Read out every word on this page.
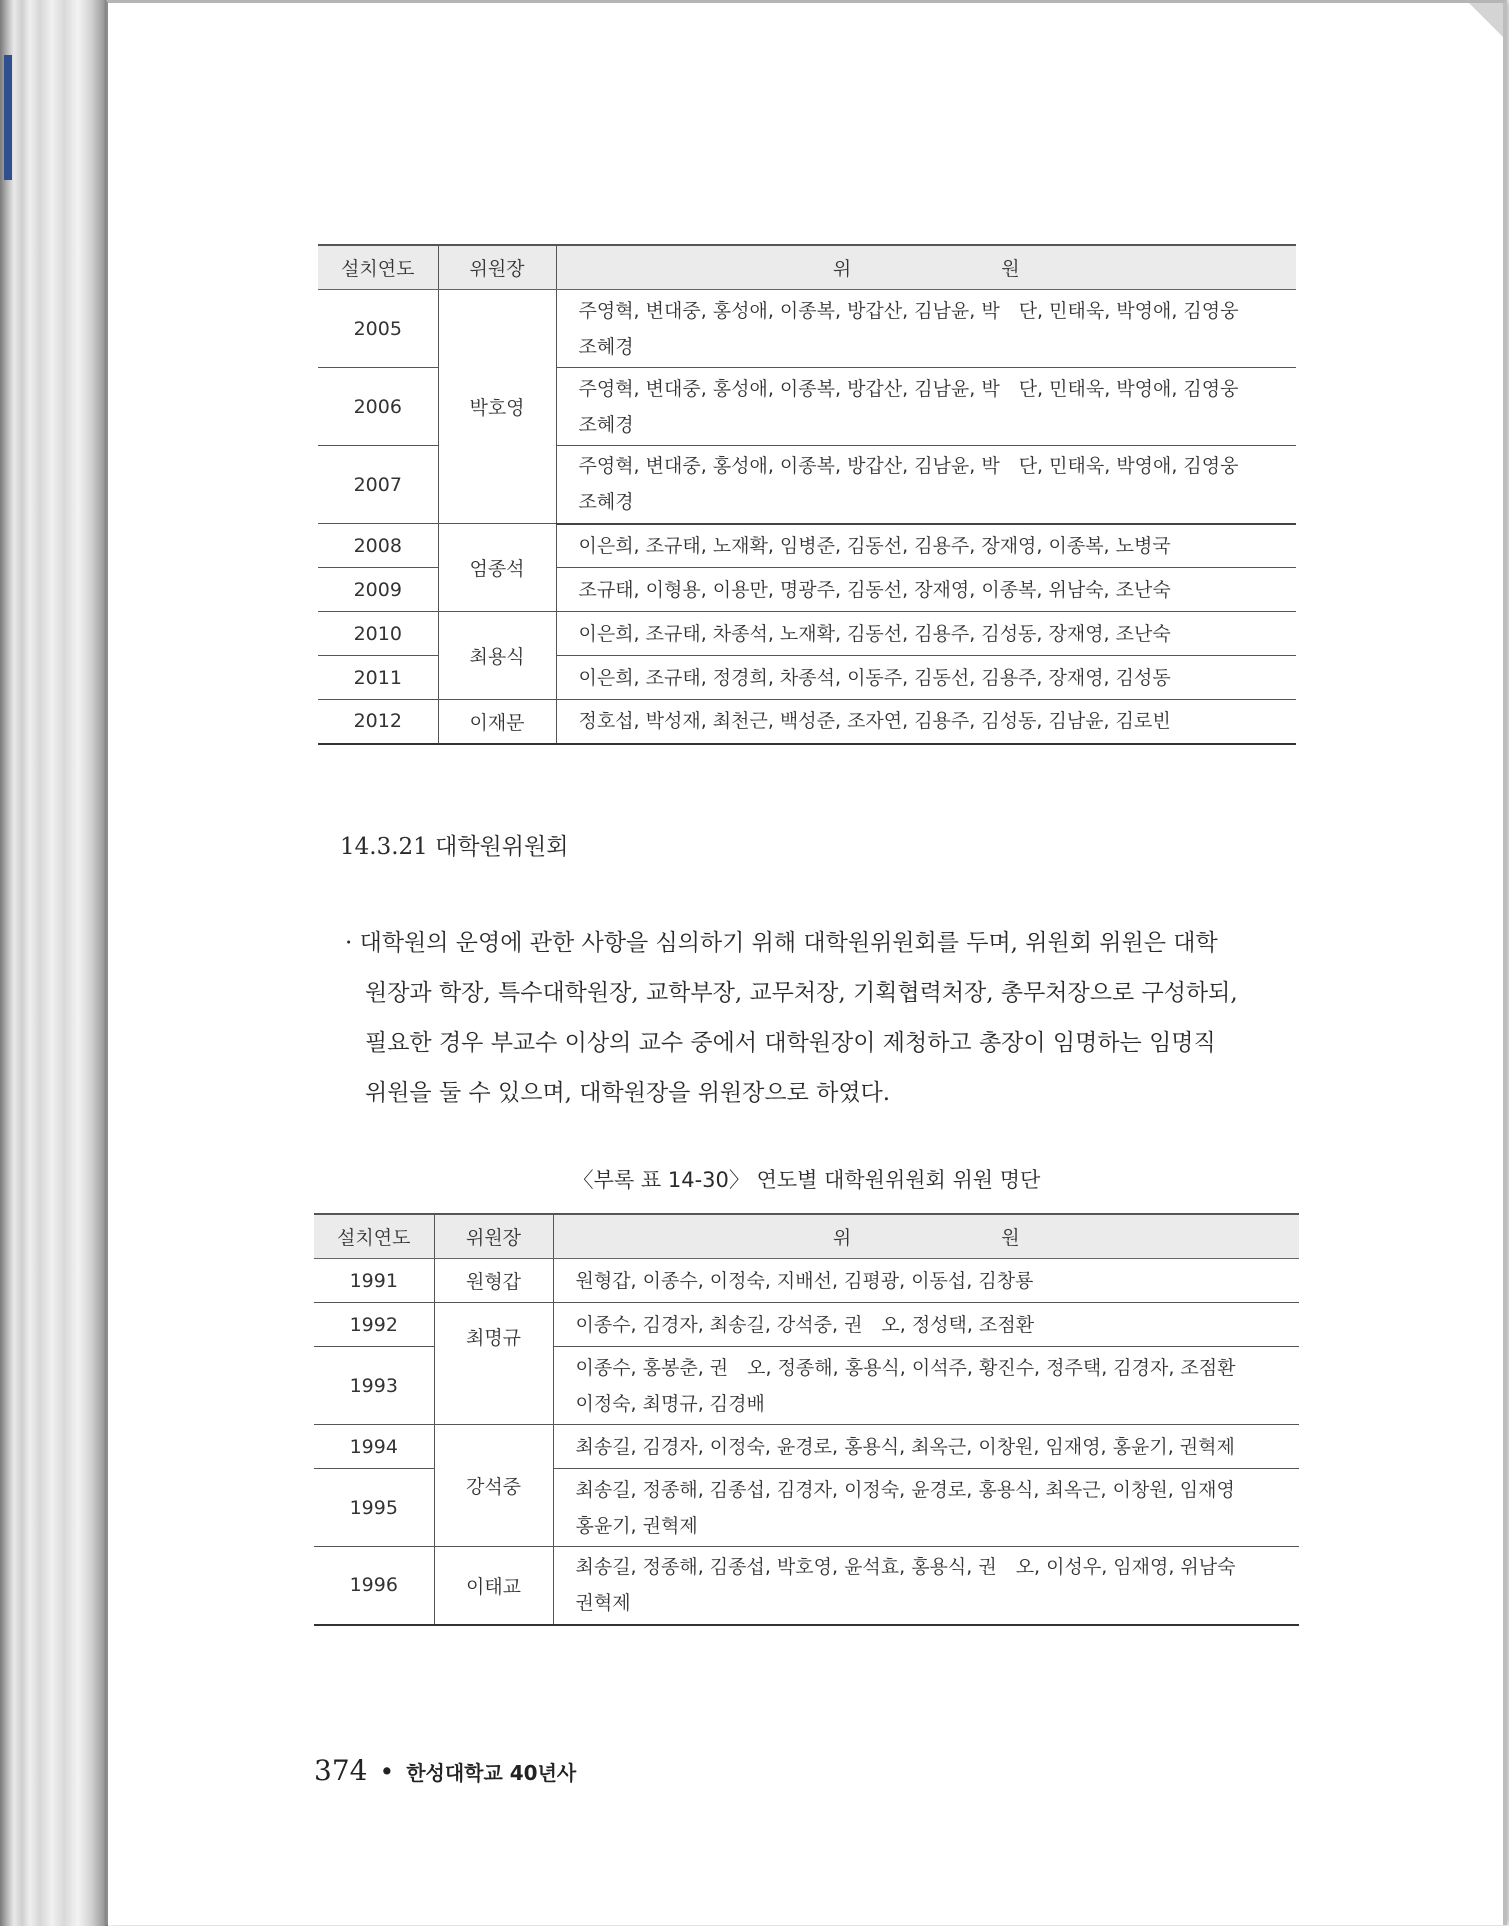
설치연도	위원장	위 원
2005	박호영	주영혁, 변대중, 홍성애, 이종복, 방갑산, 김남윤, 박　단, 민태욱, 박영애, 김영웅
조혜경

2006		주영혁, 변대중, 홍성애, 이종복, 방갑산, 김남윤, 박　단, 민태욱, 박영애, 김영웅
조혜경

2007		주영혁, 변대중, 홍성애, 이종복, 방갑산, 김남윤, 박　단, 민태욱, 박영애, 김영웅
조혜경

2008	엄종석	이은희, 조규태, 노재확, 임병준, 김동선, 김용주, 장재영, 이종복, 노병국
2009		조규태, 이형용, 이용만, 명광주, 김동선, 장재영, 이종복, 위남숙, 조난숙
2010	최용식	이은희, 조규태, 차종석, 노재확, 김동선, 김용주, 김성동, 장재영, 조난숙
2011		이은희, 조규태, 정경희, 차종석, 이동주, 김동선, 김용주, 장재영, 김성동
2012	이재문	정호섭, 박성재, 최천근, 백성준, 조자연, 김용주, 김성동, 김남윤, 김로빈
14.3.21 대학원위원회
· 대학원의 운영에 관한 사항을 심의하기 위해 대학원위원회를 두며, 위원회 위원은 대학
원장과 학장, 특수대학원장, 교학부장, 교무처장, 기획협력처장, 총무처장으로 구성하되,
필요한 경우 부교수 이상의 교수 중에서 대학원장이 제청하고 총장이 임명하는 임명직
위원을 둘 수 있으며, 대학원장을 위원장으로 하였다.
〈부록 표 14-30〉 연도별 대학원위원회 위원 명단
설치연도	위원장	위 원
1991	원형갑	원형갑, 이종수, 이정숙, 지배선, 김평광, 이동섭, 김창룡
1992	최명규	이종수, 김경자, 최송길, 강석중, 권　오, 정성택, 조점환
1993		이종수, 홍봉춘, 권　오, 정종해, 홍용식, 이석주, 황진수, 정주택, 김경자, 조점환
이정숙, 최명규, 김경배

1994	강석중	최송길, 김경자, 이정숙, 윤경로, 홍용식, 최옥근, 이창원, 임재영, 홍윤기, 권혁제
1995		최송길, 정종해, 김종섭, 김경자, 이정숙, 윤경로, 홍용식, 최옥근, 이창원, 임재영
홍윤기, 권혁제

1996	이태교	최송길, 정종해, 김종섭, 박호영, 윤석효, 홍용식, 권　오, 이성우, 임재영, 위남숙
권혁제
374 • 한성대학교 40년사
